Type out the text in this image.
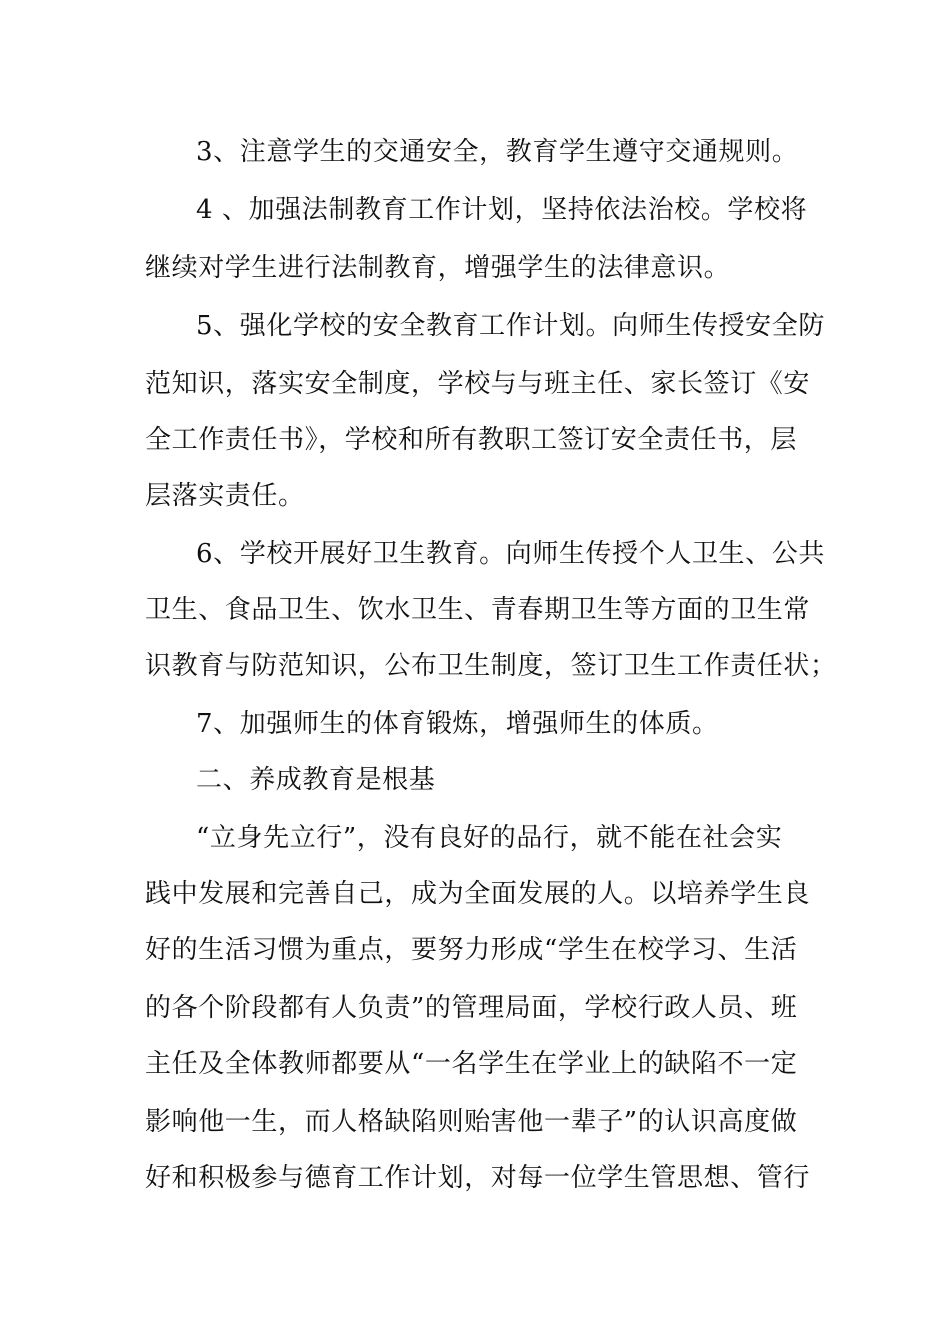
3、注意学生的交通安全，教育学生遵守交通规则。
4 、加强法制教育工作计划，坚持依法治校。学校将
继续对学生进行法制教育，增强学生的法律意识。
5、强化学校的安全教育工作计划。向师生传授安全防
范知识，落实安全制度，学校与与班主任、家长签订《安
全工作责任书》，学校和所有教职工签订安全责任书，层
层落实责任。
6、学校开展好卫生教育。向师生传授个人卫生、公共
卫生、食品卫生、饮水卫生、青春期卫生等方面的卫生常
识教育与防范知识，公布卫生制度，签订卫生工作责任状；
7、加强师生的体育锻炼，增强师生的体质。
二、养成教育是根基
“立身先立行”，没有良好的品行，就不能在社会实
践中发展和完善自己，成为全面发展的人。以培养学生良
好的生活习惯为重点，要努力形成“学生在校学习、生活
的各个阶段都有人负责”的管理局面，学校行政人员、班
主任及全体教师都要从“一名学生在学业上的缺陷不一定
影响他一生，而人格缺陷则贻害他一辈子”的认识高度做
好和积极参与德育工作计划，对每一位学生管思想、管行
